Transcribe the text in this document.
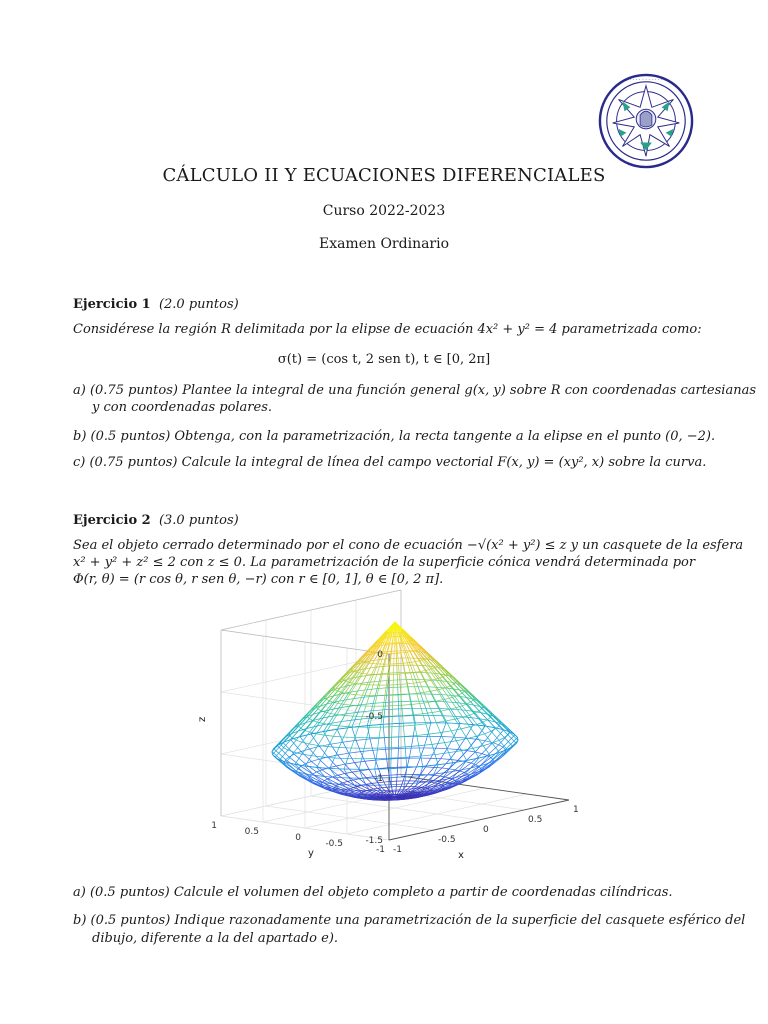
· · · · · · · · · · · · ·
CÁLCULO II Y ECUACIONES DIFERENCIALES
Curso 2022-2023
Examen Ordinario
Ejercicio 1 (2.0 puntos)
Considérese la región R delimitada por la elipse de ecuación 4x² + y² = 4 parametrizada como:
σ(t) = (cos t, 2 sen t), t ∈ [0, 2π]
a) (0.75 puntos) Plantee la integral de una función general g(x, y) sobre R con coordenadas cartesianas
y con coordenadas polares.
b) (0.5 puntos) Obtenga, con la parametrización, la recta tangente a la elipse en el punto (0, −2).
c) (0.75 puntos) Calcule la integral de línea del campo vectorial F(x, y) = (xy², x) sobre la curva.
Ejercicio 2 (3.0 puntos)
Sea el objeto cerrado determinado por el cono de ecuación −√(x² + y²) ≤ z y un casquete de la esfera
x² + y² + z² ≤ 2 con z ≤ 0. La parametrización de la superficie cónica vendrá determinada por
Φ(r, θ) = (r cos θ, r sen θ, −r) con r ∈ [0, 1], θ ∈ [0, 2 π].
0
-0.5
-1
-1.5
1
0.5
0
-0.5
-1 -1
-0.5
0
0.5
1
z
y	x
a) (0.5 puntos) Calcule el volumen del objeto completo a partir de coordenadas cilíndricas.
b) (0.5 puntos) Indique razonadamente una parametrización de la superficie del casquete esférico del
dibujo, diferente a la del apartado e).
